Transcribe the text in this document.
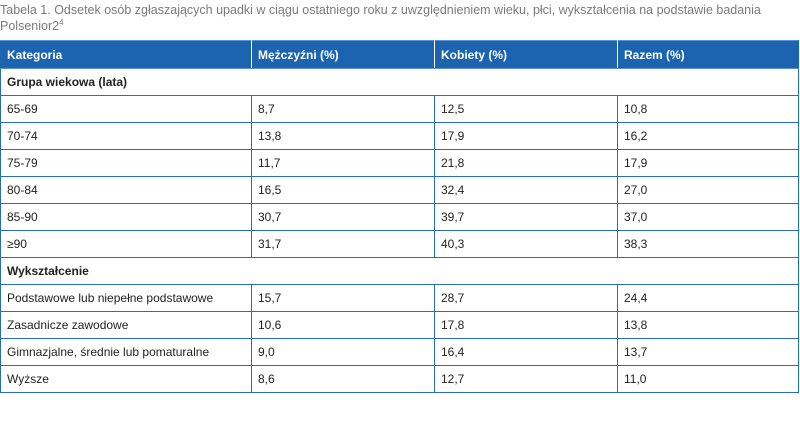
Tabela 1. Odsetek osób zgłaszających upadki w ciągu ostatniego roku z uwzględnieniem wieku, płci, wykształcenia na podstawie badania $Polsenior2^4$
Kategoria	Mężczyźni (%)	Kobiety (%)	Razem (%)
Grupa wiekowa (lata)			
65-69	8,7	12,5	10,8
70-74	13,8	17,9	16,2
75-79	11,7	21,8	17,9
80-84	16,5	32,4	27,0
85-90	30,7	39,7	37,0
≥90	31,7	40,3	38,3
Wykształcenie			
Podstawowe lub niepełne podstawowe	15,7	28,7	24,4
Zasadnicze zawodowe	10,6	17,8	13,8
Gimnazjalne, średnie lub pomaturalne	9,0	16,4	13,7
Wyższe	8,6	12,7	11,0
